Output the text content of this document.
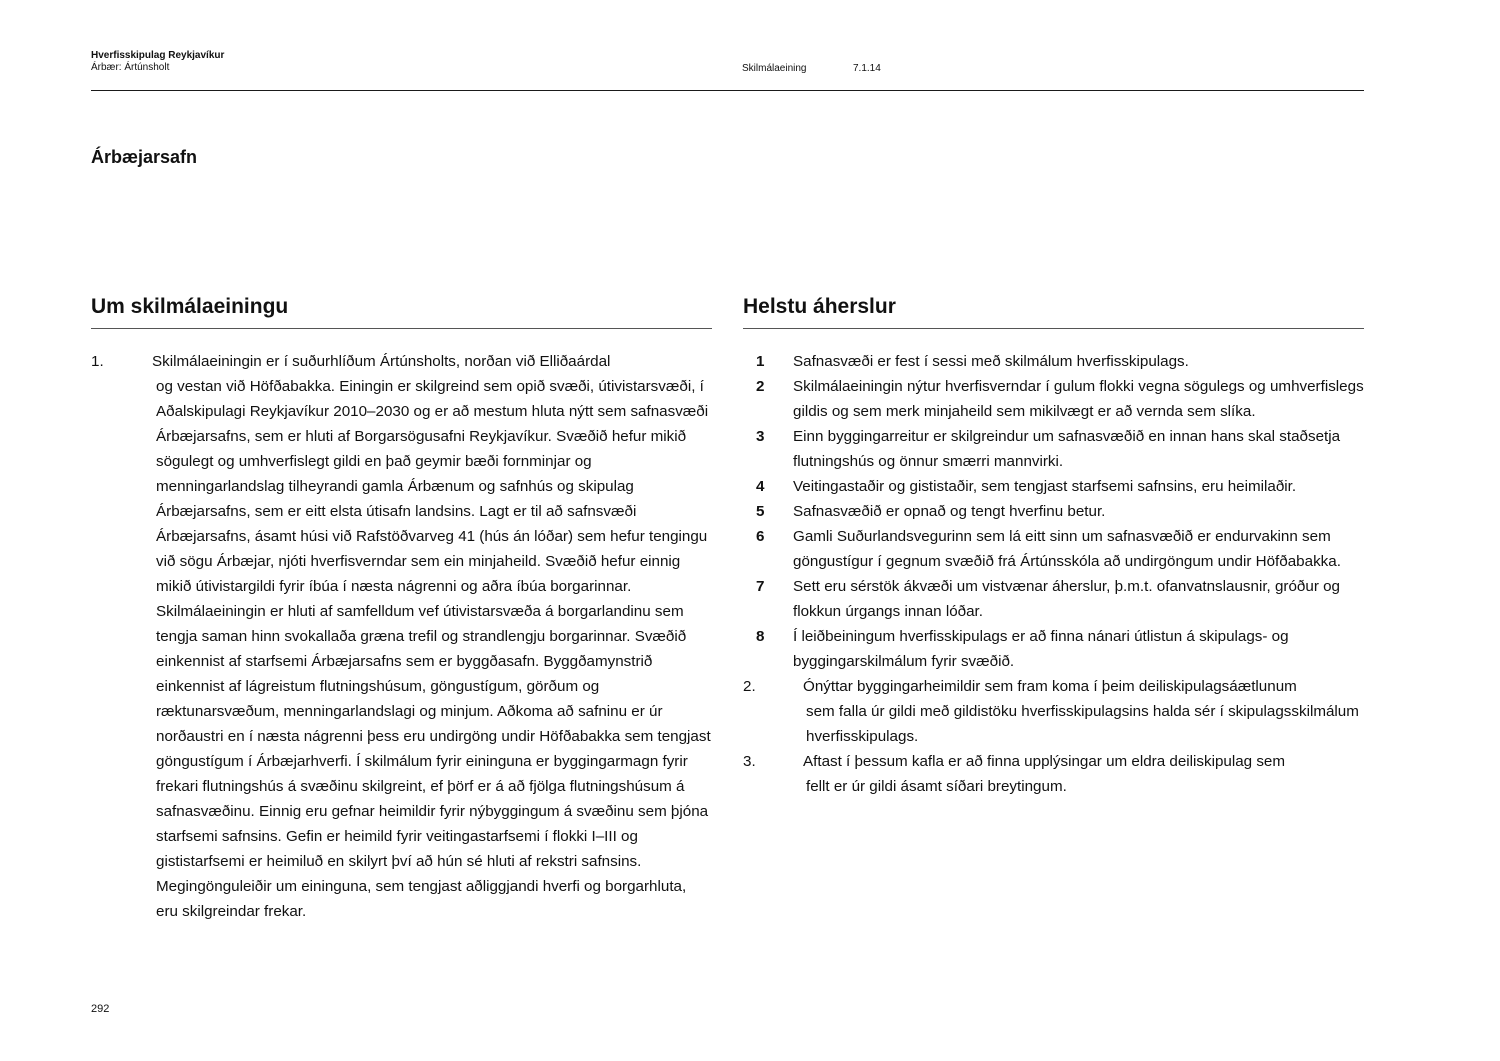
Hverfisskipulag Reykjavíkur
Árbær: Ártúnsholt	Skilmálaeining	7.1.14
Árbæjarsafn
Um skilmálaeiningu
1.	Skilmálaeiningin er í suðurhlíðum Ártúnsholts, norðan við Elliðaárdal
og vestan við Höfðabakka. Einingin er skilgreind sem opið svæði, útivistarsvæði, í Aðalskipulagi Reykjavíkur 2010–2030 og er að mestum hluta nýtt sem safnasvæði Árbæjarsafns, sem er hluti af Borgarsögusafni Reykjavíkur. Svæðið hefur mikið sögulegt og umhverfislegt gildi en það geymir bæði fornminjar og menningarlandslag tilheyrandi gamla Árbænum og safnhús og skipulag Árbæjarsafns, sem er eitt elsta útisafn landsins. Lagt er til að safnsvæði Árbæjarsafns, ásamt húsi við Rafstöðvarveg 41 (hús án lóðar) sem hefur tengingu við sögu Árbæjar, njóti hverfisverndar sem ein minjaheild. Svæðið hefur einnig mikið útivistargildi fyrir íbúa í næsta nágrenni og aðra íbúa borgarinnar. Skilmálaeiningin er hluti af samfelldum vef útivistarsvæða á borgarlandinu sem tengja saman hinn svokallaða græna trefil og strandlengju borgarinnar. Svæðið einkennist af starfsemi Árbæjarsafns sem er byggðasafn. Byggðamynstrið einkennist af lágreistum flutningshúsum, göngustígum, görðum og ræktunarsvæðum, menningarlandslagi og minjum. Aðkoma að safninu er úr norðaustri en í næsta nágrenni þess eru undirgöng undir Höfðabakka sem tengjast göngustígum í Árbæjarhverfi. Í skilmálum fyrir eininguna er byggingarmagn fyrir frekari flutningshús á svæðinu skilgreint, ef þörf er á að fjölga flutningshúsum á safnasvæðinu. Einnig eru gefnar heimildir fyrir nýbyggingum á svæðinu sem þjóna starfsemi safnsins. Gefin er heimild fyrir veitingastarfsemi í flokki I–III og gististarfsemi er heimiluð en skilyrt því að hún sé hluti af rekstri safnsins. Megingönguleiðir um eininguna, sem tengjast aðliggjandi hverfi og borgarhluta, eru skilgreindar frekar.
Helstu áherslur
1 Safnasvæði er fest í sessi með skilmálum hverfisskipulags.
2 Skilmálaeiningin nýtur hverfisverndar í gulum flokki vegna sögulegs og umhverfislegs gildis og sem merk minjaheild sem mikilvægt er að vernda sem slíka.
3 Einn byggingarreitur er skilgreindur um safnasvæðið en innan hans skal staðsetja flutningshús og önnur smærri mannvirki.
4 Veitingastaðir og gististaðir, sem tengjast starfsemi safnsins, eru heimilaðir.
5 Safnasvæðið er opnað og tengt hverfinu betur.
6 Gamli Suðurlandsvegurinn sem lá eitt sinn um safnasvæðið er endurvakinn sem göngustígur í gegnum svæðið frá Ártúnsskóla að undirgöngum undir Höfðabakka.
7 Sett eru sérstök ákvæði um vistvænar áherslur, þ.m.t. ofanvatnslausnir, gróður og flokkun úrgangs innan lóðar.
8 Í leiðbeiningum hverfisskipulags er að finna nánari útlistun á skipulags- og byggingarskilmálum fyrir svæðið.
2.	Ónýttar byggingarheimildir sem fram koma í þeim deiliskipulagsáætlunum
sem falla úr gildi með gildistöku hverfisskipulagsins halda sér í skipulagsskilmálum hverfisskipulags.
3.	Aftast í þessum kafla er að finna upplýsingar um eldra deiliskipulag sem
fellt er úr gildi ásamt síðari breytingum.
292
